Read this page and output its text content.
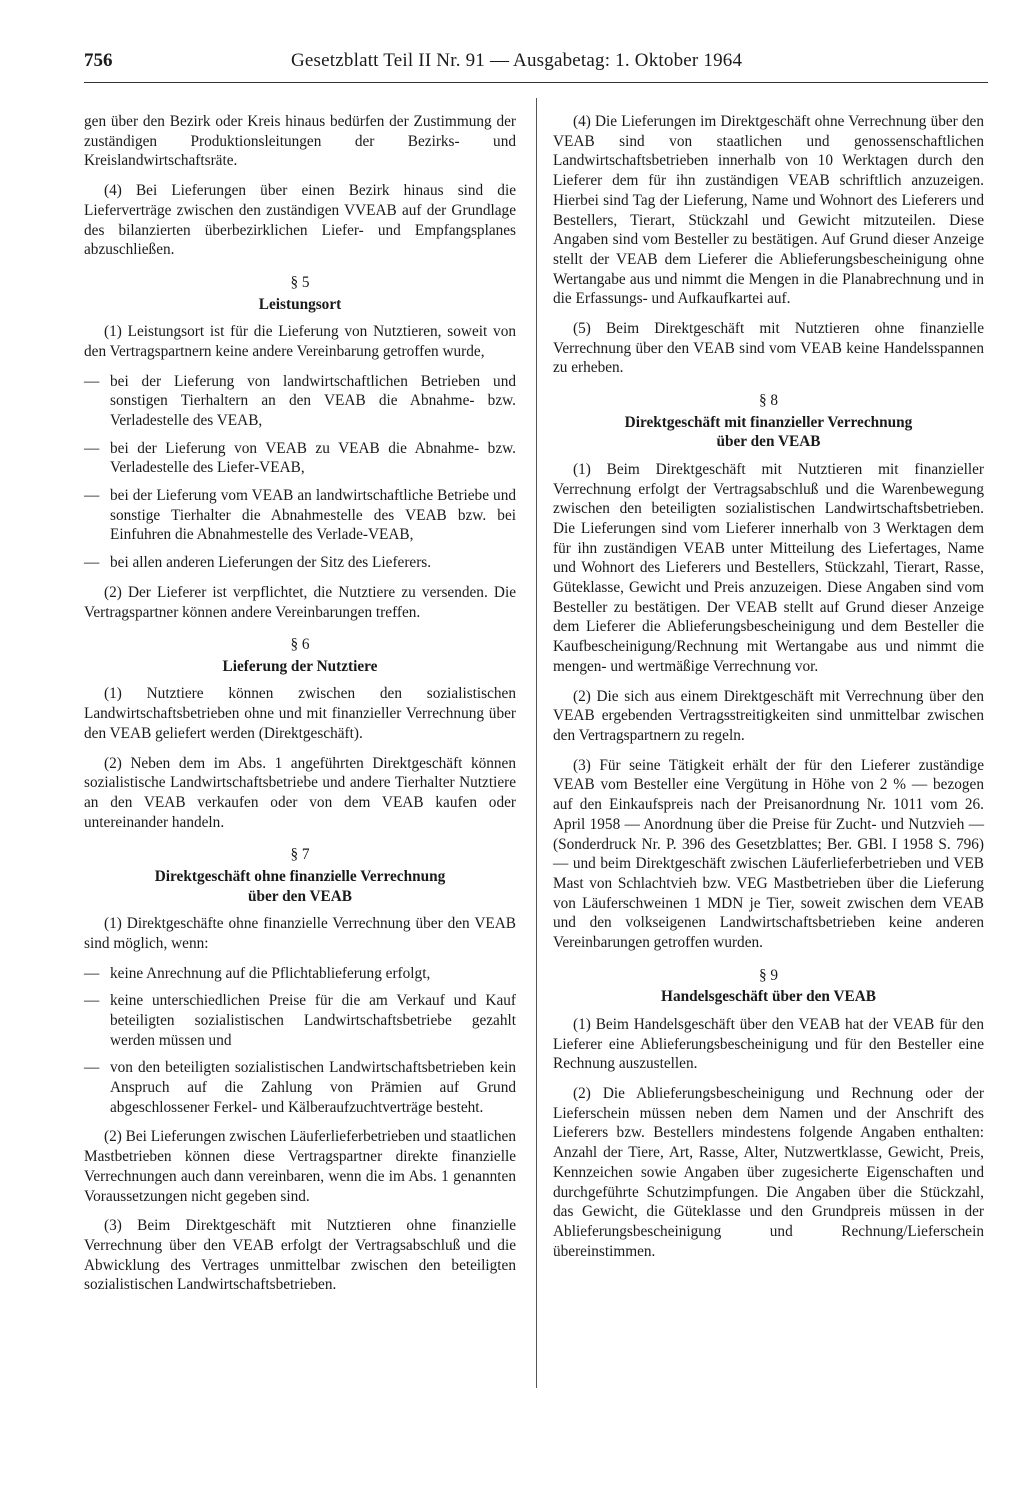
756	Gesetzblatt Teil II Nr. 91 — Ausgabetag: 1. Oktober 1964

gen über den Bezirk oder Kreis hinaus bedürfen der Zustimmung der zuständigen Produktionsleitungen der Bezirks- und Kreislandwirtschaftsräte.

(4) Bei Lieferungen über einen Bezirk hinaus sind die Lieferverträge zwischen den zuständigen VVEAB auf der Grundlage des bilanzierten überbezirklichen Liefer- und Empfangsplanes abzuschließen.

§ 5
Leistungsort

(1) Leistungsort ist für die Lieferung von Nutztieren, soweit von den Vertragspartnern keine andere Vereinbarung getroffen wurde,

— bei der Lieferung von landwirtschaftlichen Betrieben und sonstigen Tierhaltern an den VEAB die Abnahme- bzw. Verladestelle des VEAB,
— bei der Lieferung von VEAB zu VEAB die Abnahme- bzw. Verladestelle des Liefer-VEAB,
— bei der Lieferung vom VEAB an landwirtschaftliche Betriebe und sonstige Tierhalter die Abnahmestelle des VEAB bzw. bei Einfuhren die Abnahmestelle des Verlade-VEAB,
— bei allen anderen Lieferungen der Sitz des Lieferers.

(2) Der Lieferer ist verpflichtet, die Nutztiere zu versenden. Die Vertragspartner können andere Vereinbarungen treffen.

§ 6
Lieferung der Nutztiere

(1) Nutztiere können zwischen den sozialistischen Landwirtschaftsbetrieben ohne und mit finanzieller Verrechnung über den VEAB geliefert werden (Direktgeschäft).

(2) Neben dem im Abs. 1 angeführten Direktgeschäft können sozialistische Landwirtschaftsbetriebe und andere Tierhalter Nutztiere an den VEAB verkaufen oder von dem VEAB kaufen oder untereinander handeln.

§ 7
Direktgeschäft ohne finanzielle Verrechnung
über den VEAB

(1) Direktgeschäfte ohne finanzielle Verrechnung über den VEAB sind möglich, wenn:

— keine Anrechnung auf die Pflichtablieferung erfolgt,
— keine unterschiedlichen Preise für die am Verkauf und Kauf beteiligten sozialistischen Landwirtschaftsbetriebe gezahlt werden müssen und
— von den beteiligten sozialistischen Landwirtschaftsbetrieben kein Anspruch auf die Zahlung von Prämien auf Grund abgeschlossener Ferkel- und Kälberaufzuchtverträge besteht.

(2) Bei Lieferungen zwischen Läuferlieferbetrieben und staatlichen Mastbetrieben können diese Vertragspartner direkte finanzielle Verrechnungen auch dann vereinbaren, wenn die im Abs. 1 genannten Voraussetzungen nicht gegeben sind.

(3) Beim Direktgeschäft mit Nutztieren ohne finanzielle Verrechnung über den VEAB erfolgt der Vertragsabschluß und die Abwicklung des Vertrages unmittelbar zwischen den beteiligten sozialistischen Landwirtschaftsbetrieben.

(4) Die Lieferungen im Direktgeschäft ohne Verrechnung über den VEAB sind von staatlichen und genossenschaftlichen Landwirtschaftsbetrieben innerhalb von 10 Werktagen durch den Lieferer dem für ihn zuständigen VEAB schriftlich anzuzeigen. Hierbei sind Tag der Lieferung, Name und Wohnort des Lieferers und Bestellers, Tierart, Stückzahl und Gewicht mitzuteilen. Diese Angaben sind vom Besteller zu bestätigen. Auf Grund dieser Anzeige stellt der VEAB dem Lieferer die Ablieferungsbescheinigung ohne Wertangabe aus und nimmt die Mengen in die Planabrechnung und in die Erfassungs- und Aufkaufkartei auf.

(5) Beim Direktgeschäft mit Nutztieren ohne finanzielle Verrechnung über den VEAB sind vom VEAB keine Handelsspannen zu erheben.

§ 8
Direktgeschäft mit finanzieller Verrechnung
über den VEAB

(1) Beim Direktgeschäft mit Nutztieren mit finanzieller Verrechnung erfolgt der Vertragsabschluß und die Warenbewegung zwischen den beteiligten sozialistischen Landwirtschaftsbetrieben. Die Lieferungen sind vom Lieferer innerhalb von 3 Werktagen dem für ihn zuständigen VEAB unter Mitteilung des Liefertages, Name und Wohnort des Lieferers und Bestellers, Stückzahl, Tierart, Rasse, Güteklasse, Gewicht und Preis anzuzeigen. Diese Angaben sind vom Besteller zu bestätigen. Der VEAB stellt auf Grund dieser Anzeige dem Lieferer die Ablieferungsbescheinigung und dem Besteller die Kaufbescheinigung/Rechnung mit Wertangabe aus und nimmt die mengen- und wertmäßige Verrechnung vor.

(2) Die sich aus einem Direktgeschäft mit Verrechnung über den VEAB ergebenden Vertragsstreitigkeiten sind unmittelbar zwischen den Vertragspartnern zu regeln.

(3) Für seine Tätigkeit erhält der für den Lieferer zuständige VEAB vom Besteller eine Vergütung in Höhe von 2 % — bezogen auf den Einkaufspreis nach der Preisanordnung Nr. 1011 vom 26. April 1958 — Anordnung über die Preise für Zucht- und Nutzvieh — (Sonderdruck Nr. P. 396 des Gesetzblattes; Ber. GBl. I 1958 S. 796) — und beim Direktgeschäft zwischen Läuferlieferbetrieben und VEB Mast von Schlachtvieh bzw. VEG Mastbetrieben über die Lieferung von Läuferschweinen 1 MDN je Tier, soweit zwischen dem VEAB und den volkseigenen Landwirtschaftsbetrieben keine anderen Vereinbarungen getroffen wurden.

§ 9
Handelsgeschäft über den VEAB

(1) Beim Handelsgeschäft über den VEAB hat der VEAB für den Lieferer eine Ablieferungsbescheinigung und für den Besteller eine Rechnung auszustellen.

(2) Die Ablieferungsbescheinigung und Rechnung oder der Lieferschein müssen neben dem Namen und der Anschrift des Lieferers bzw. Bestellers mindestens folgende Angaben enthalten: Anzahl der Tiere, Art, Rasse, Alter, Nutzwertklasse, Gewicht, Preis, Kennzeichen sowie Angaben über zugesicherte Eigenschaften und durchgeführte Schutzimpfungen. Die Angaben über die Stückzahl, das Gewicht, die Güteklasse und den Grundpreis müssen in der Ablieferungsbescheinigung und Rechnung/Lieferschein übereinstimmen.
